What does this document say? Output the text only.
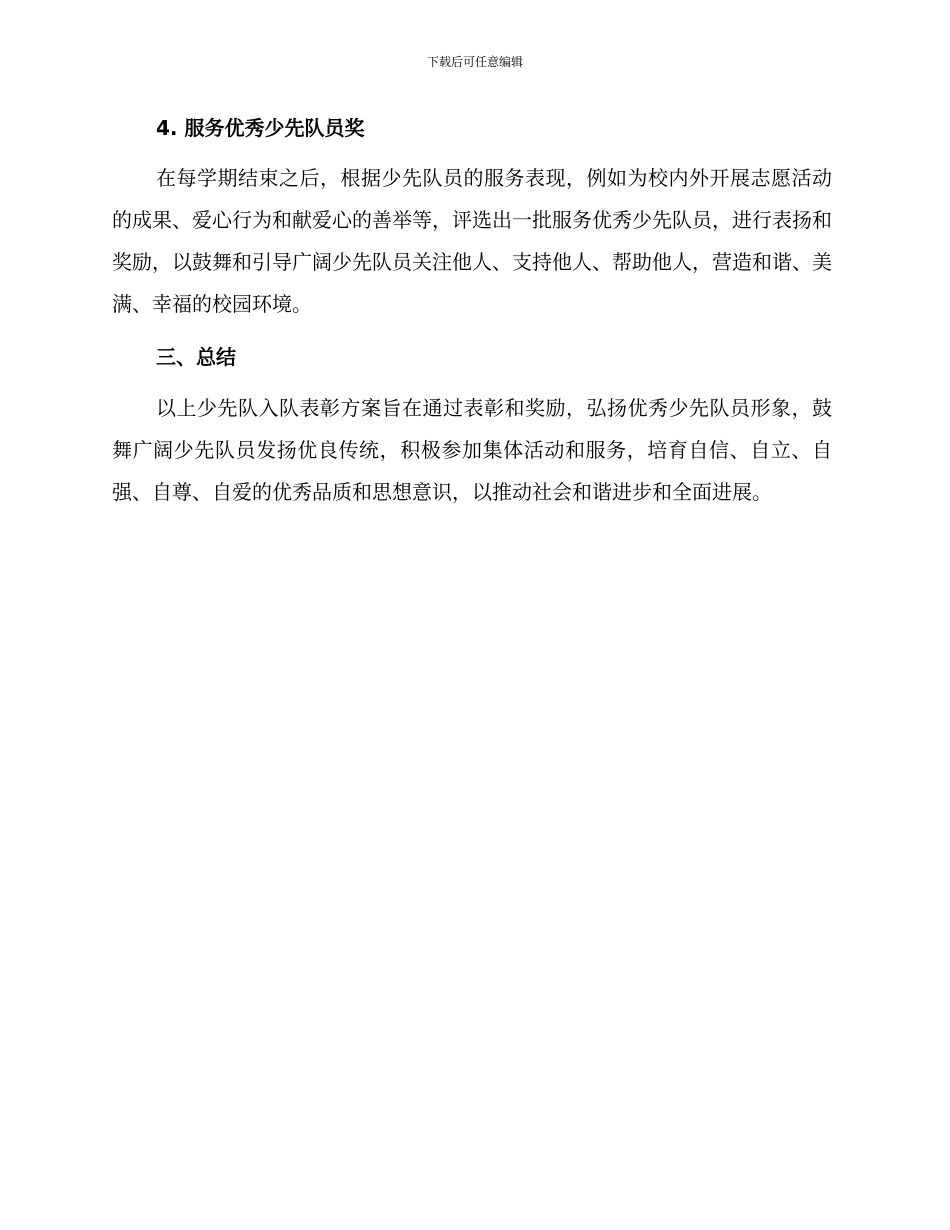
下载后可任意编辑
4. 服务优秀少先队员奖

在每学期结束之后，根据少先队员的服务表现，例如为校内外开展志愿活动的成果、爱心行为和献爱心的善举等，评选出一批服务优秀少先队员，进行表扬和奖励，以鼓舞和引导广阔少先队员关注他人、支持他人、帮助他人，营造和谐、美满、幸福的校园环境。

三、总结

以上少先队入队表彰方案旨在通过表彰和奖励，弘扬优秀少先队员形象，鼓舞广阔少先队员发扬优良传统，积极参加集体活动和服务，培育自信、自立、自强、自尊、自爱的优秀品质和思想意识，以推动社会和谐进步和全面进展。
